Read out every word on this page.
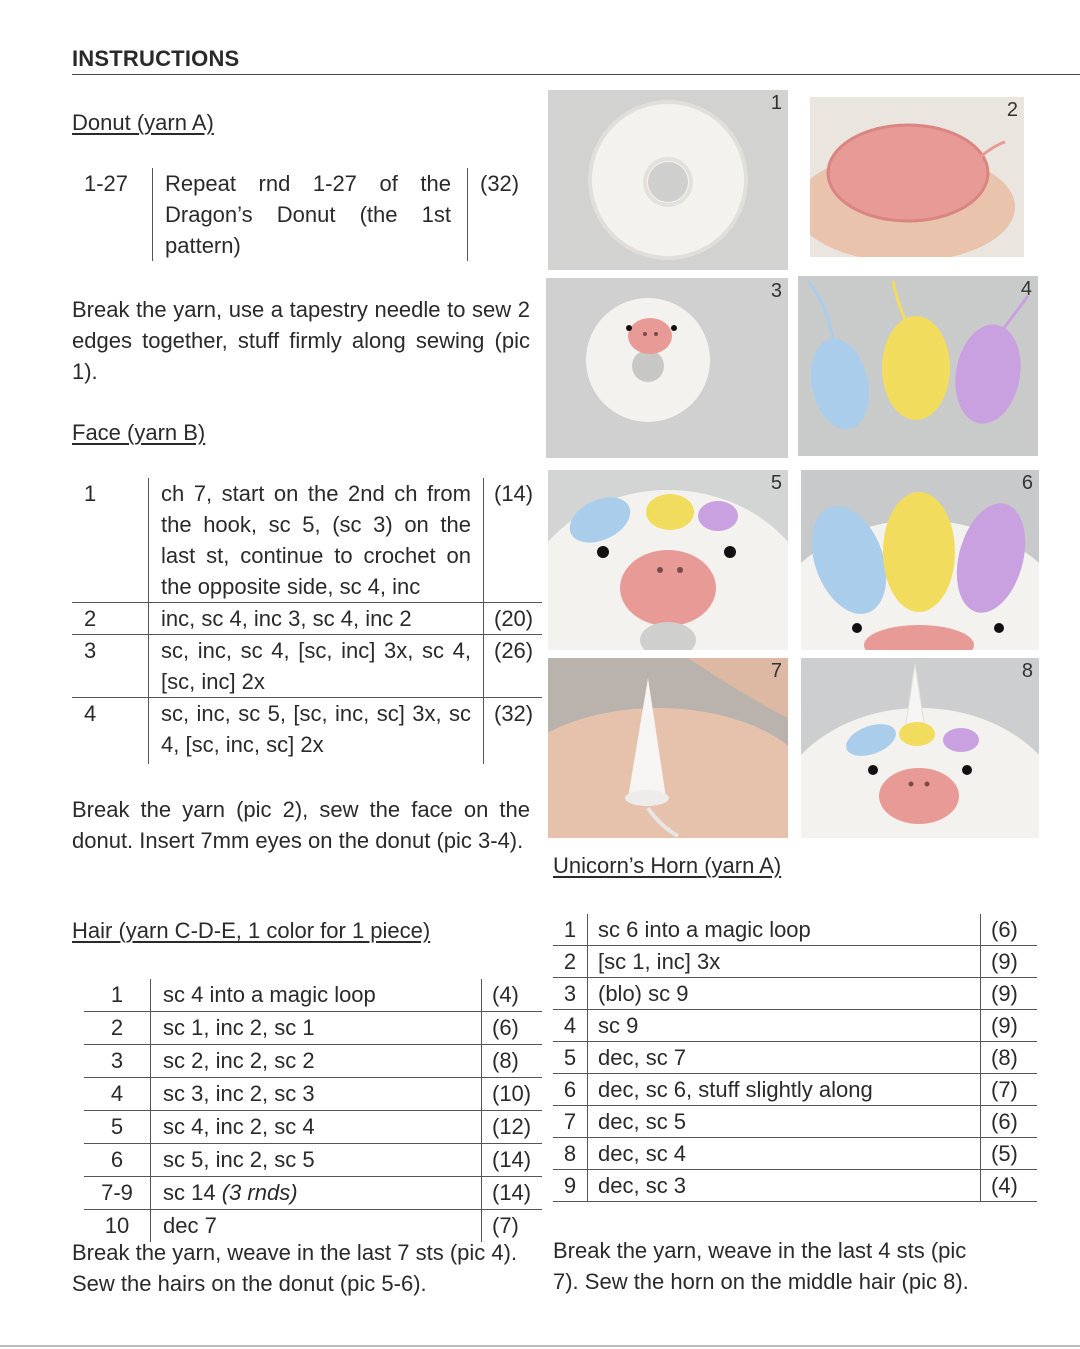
INSTRUCTIONS
Donut (yarn A)
1-27	Repeat rnd 1-27 of the Dragon’s Donut (the 1st pattern)	(32)
Break the yarn, use a tapestry needle to sew 2 edges together, stuff firmly along sewing (pic 1).
Face (yarn B)
1	ch 7, start on the 2nd ch from the hook, sc 5, (sc 3) on the last st, continue to crochet on the opposite side, sc 4, inc	(14)
2	inc, sc 4, inc 3, sc 4, inc 2	(20)
3	sc, inc, sc 4, [sc, inc] 3x, sc 4, [sc, inc] 2x	(26)
4	sc, inc, sc 5, [sc, inc, sc] 3x, sc 4, [sc, inc, sc] 2x	(32)
Break the yarn (pic 2), sew the face on the donut. Insert 7mm eyes on the donut (pic 3-4).
Hair (yarn C-D-E, 1 color for 1 piece)
1	sc 4 into a magic loop	(4)
2	sc 1, inc 2, sc 1	(6)
3	sc 2, inc 2, sc 2	(8)
4	sc 3, inc 2, sc 3	(10)
5	sc 4, inc 2, sc 4	(12)
6	sc 5, inc 2, sc 5	(14)
7-9	sc 14 (3 rnds)	(14)
10	dec 7	(7)
Break the yarn, weave in the last 7 sts (pic 4).
Sew the hairs on the donut (pic 5-6).
Unicorn’s Horn (yarn A)
1	sc 6 into a magic loop	(6)
2	[sc 1, inc] 3x	(9)
3	(blo) sc 9	(9)
4	sc 9	(9)
5	dec, sc 7	(8)
6	dec, sc 6, stuff slightly along	(7)
7	dec, sc 5	(6)
8	dec, sc 4	(5)
9	dec, sc 3	(4)
Break the yarn, weave in the last 4 sts (pic
7). Sew the horn on the middle hair (pic 8).
1	2
3	4
5	6
7	8
